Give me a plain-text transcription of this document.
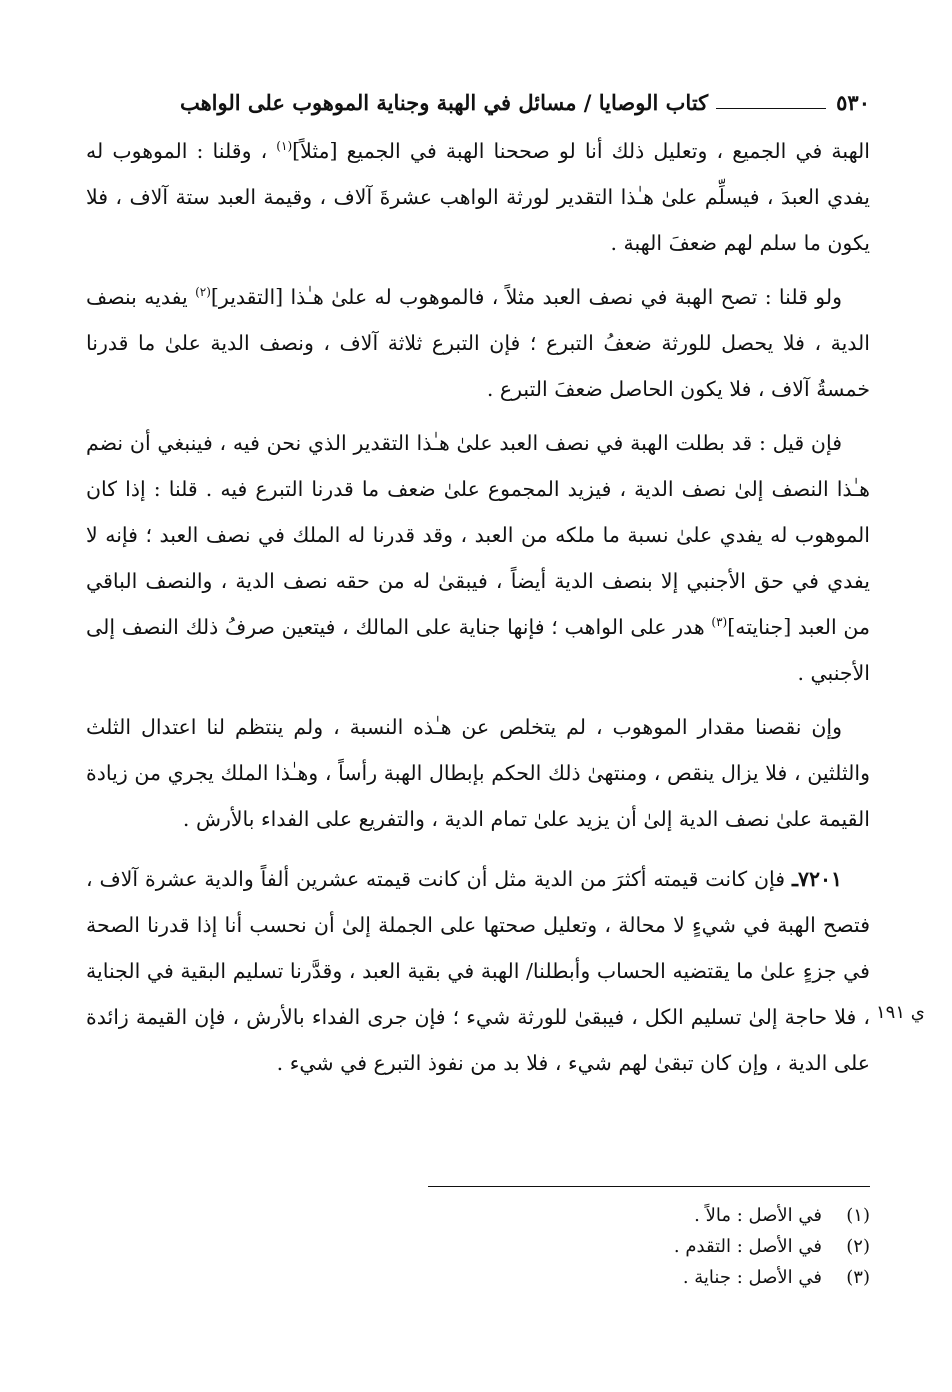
٥٣٠
كتاب الوصايا / مسائل في الهبة وجناية الموهوب على الواهب

الهبة في الجميع ، وتعليل ذلك أنا لو صححنا الهبة في الجميع [مثلاً]$^{(١)}$ ، وقلنا : الموهوب له يفدي العبدَ ، فيسلِّم علىٰ هـٰذا التقدير لورثة الواهب عشرةَ آلاف ، وقيمة العبد ستة آلاف ، فلا يكون ما سلم لهم ضعفَ الهبة .

ولو قلنا : تصح الهبة في نصف العبد مثلاً ، فالموهوب له علىٰ هـٰذا [التقدير]$^{(٢)}$ يفديه بنصف الدية ، فلا يحصل للورثة ضعفُ التبرع ؛ فإن التبرع ثلاثة آلاف ، ونصف الدية علىٰ ما قدرنا خمسةُ آلاف ، فلا يكون الحاصل ضعفَ التبرع .

فإن قيل : قد بطلت الهبة في نصف العبد علىٰ هـٰذا التقدير الذي نحن فيه ، فينبغي أن نضم هـٰذا النصف إلىٰ نصف الدية ، فيزيد المجموع علىٰ ضعف ما قدرنا التبرع فيه . قلنا : إذا كان الموهوب له يفدي علىٰ نسبة ما ملكه من العبد ، وقد قدرنا له الملك في نصف العبد ؛ فإنه لا يفدي في حق الأجنبي إلا بنصف الدية أيضاً ، فيبقىٰ له من حقه نصف الدية ، والنصف الباقي من العبد [جنايته]$^{(٣)}$ هدر على الواهب ؛ فإنها جناية على المالك ، فيتعين صرفُ ذلك النصف إلى الأجنبي .

وإن نقصنا مقدار الموهوب ، لم يتخلص عن هـٰذه النسبة ، ولم ينتظم لنا اعتدال الثلث والثلثين ، فلا يزال ينقص ، ومنتهىٰ ذلك الحكم بإبطال الهبة رأساً ، وهـٰذا الملك يجري من زيادة القيمة علىٰ نصف الدية إلىٰ أن يزيد علىٰ تمام الدية ، والتفريع على الفداء بالأرش .

٧٢٠١ـ فإن كانت قيمته أكثرَ من الدية مثل أن كانت قيمته عشرين ألفاً والدية عشرة آلاف ، فتصح الهبة في شيءٍ لا محالة ، وتعليل صحتها على الجملة إلىٰ أن نحسب أنا إذا قدرنا الصحة في جزءٍ علىٰ ما يقتضيه الحساب وأبطلنا/ الهبة في بقية العبد ، وقدَّرنا تسليم البقية في الجناية ، فلا حاجة إلىٰ تسليم الكل ، فيبقىٰ للورثة شيء ؛ فإن جرى الفداء بالأرش ، فإن القيمة زائدة على الدية ، وإن كان تبقىٰ لهم شيء ، فلا بد من نفوذ التبرع في شيء .

ي ١٩١
(١)
في الأصل : مالاً .
(٢)
في الأصل : التقدم .
(٣)
في الأصل : جناية .
